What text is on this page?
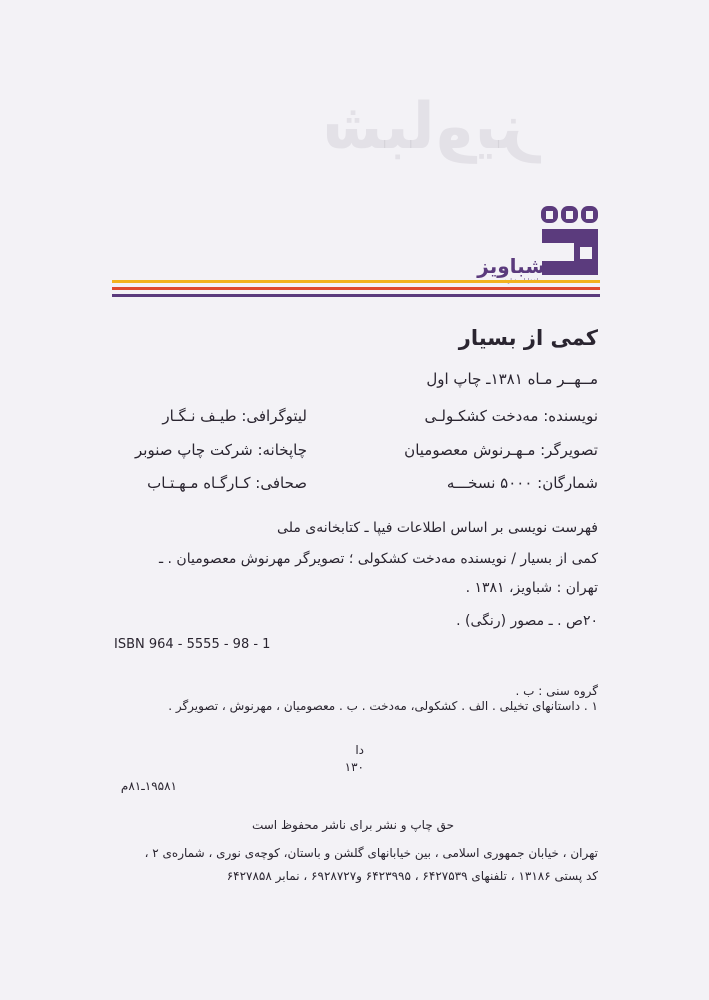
شباویز
شباویز
کمی از بسیار
مــهــر مـاه ۱۳۸۱ـ چاپ اول
نویسنده: مه‌دخت کشکـولـی
تصویرگر: مـهـرنوش معصومیان
شمارگان: ۵۰۰۰ نسخـــه
لیتوگرافی: طیـف نـگـار
چاپخانه: شرکت چاپ صنوبر
صحافی: کـارگـاه مـهـتـاب
فهرست نویسی بر اساس اطلاعات فیپا ـ کتابخانه‌ی ملی
کمی از بسیار / نویسنده مه‌دخت کشکولی ؛ تصویرگر مهرنوش معصومیان . ـ
تهران : شباویز، ۱۳۸۱ .
۲۰ص . ـ مصور (رنگی) .
ISBN 964 - 5555 - 98 - 1
گروه سنی : ب .
۱ . داستانهای تخیلی . الف . کشکولی، مه‌دخت . ب . معصومیان ، مهرنوش ، تصویرگر .
دا
۱۳۰
۱۹۵۸۱ـ۸۱م
حق چاپ و نشر برای ناشر محفوظ است
تهران ، خیابان جمهوری اسلامی ، بین خیابانهای گلشن و باستان، کوچه‌ی نوری ، شماره‌ی ۲ ،
کد پستی ۱۳۱۸۶ ، تلفنهای ۶۴۲۷۵۳۹ ، ۶۴۲۳۹۹۵ و۶۹۲۸۷۲۷ ، نمابر ۶۴۲۷۸۵۸
